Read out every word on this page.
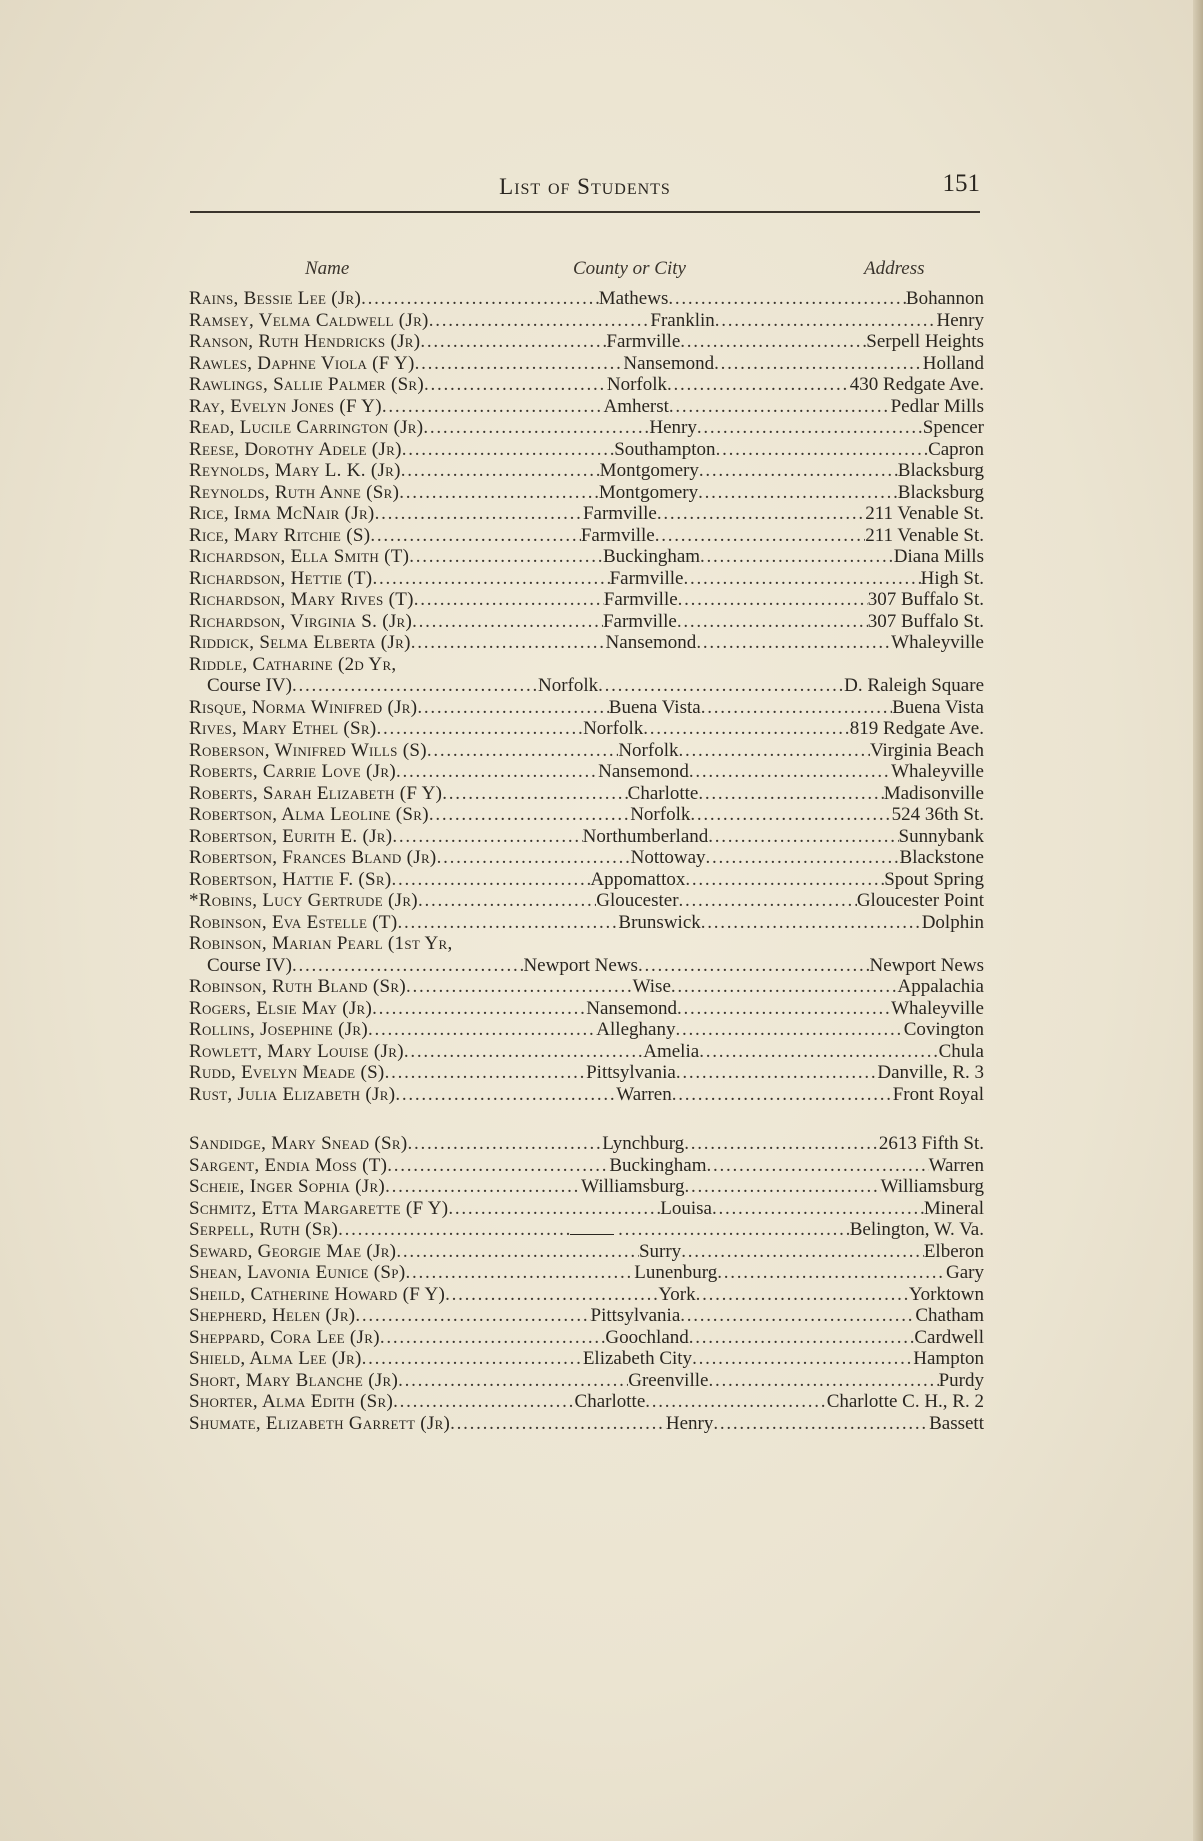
List of Students	151
Name	County or City	Address
Rains, Bessie Lee (Jr) . . .	Mathews . . .	Bohannon
Ramsey, Velma Caldwell (Jr) . . .	Franklin . . .	Henry
Ranson, Ruth Hendricks (Jr) . . .	Farmville . . .	Serpell Heights
Rawles, Daphne Viola (F Y) . . .	Nansemond . . .	Holland
Rawlings, Sallie Palmer (Sr) . . .	Norfolk . . .	430 Redgate Ave.
Ray, Evelyn Jones (F Y) . . .	Amherst . . .	Pedlar Mills
Read, Lucile Carrington (Jr) . . .	Henry . . .	Spencer
Reese, Dorothy Adele (Jr) . . .	Southampton . . .	Capron
Reynolds, Mary L. K. (Jr) . . .	Montgomery . . .	Blacksburg
Reynolds, Ruth Anne (Sr) . . .	Montgomery . . .	Blacksburg
Rice, Irma McNair (Jr) . . .	Farmville . . .	211 Venable St.
Rice, Mary Ritchie (S) . . .	Farmville . . .	211 Venable St.
Richardson, Ella Smith (T) . . .	Buckingham . . .	Diana Mills
Richardson, Hettie (T) . . .	Farmville . . .	High St.
Richardson, Mary Rives (T) . . .	Farmville . . .	307 Buffalo St.
Richardson, Virginia S. (Jr) . . .	Farmville . . .	307 Buffalo St.
Riddick, Selma Elberta (Jr) . . .	Nansemond . . .	Whaleyville
Riddle, Catharine (2d Yr,
Course IV) . . .	Norfolk . . .	D. Raleigh Square
Risque, Norma Winifred (Jr) . . .	Buena Vista . . .	Buena Vista
Rives, Mary Ethel (Sr) . . .	Norfolk . . .	819 Redgate Ave.
Roberson, Winifred Wills (S) . . .	Norfolk . . .	Virginia Beach
Roberts, Carrie Love (Jr) . . .	Nansemond . . .	Whaleyville
Roberts, Sarah Elizabeth (F Y) . . .	Charlotte . . .	Madisonville
Robertson, Alma Leoline (Sr) . . .	Norfolk . . .	524 36th St.
Robertson, Eurith E. (Jr) . . .	Northumberland . . .	Sunnybank
Robertson, Frances Bland (Jr) . . .	Nottoway . . .	Blackstone
Robertson, Hattie F. (Sr) . . .	Appomattox . . .	Spout Spring
*Robins, Lucy Gertrude (Jr) . . .	Gloucester . . .	Gloucester Point
Robinson, Eva Estelle (T) . . .	Brunswick . . .	Dolphin
Robinson, Marian Pearl (1st Yr,
Course IV) . . .	Newport News . . .	Newport News
Robinson, Ruth Bland (Sr) . . .	Wise . . .	Appalachia
Rogers, Elsie May (Jr) . . .	Nansemond . . .	Whaleyville
Rollins, Josephine (Jr) . . .	Alleghany . . .	Covington
Rowlett, Mary Louise (Jr) . . .	Amelia . . .	Chula
Rudd, Evelyn Meade (S) . . .	Pittsylvania . . .	Danville, R. 3
Rust, Julia Elizabeth (Jr) . . .	Warren . . .	Front Royal
Sandidge, Mary Snead (Sr) . . .	Lynchburg . . .	2613 Fifth St.
Sargent, Endia Moss (T) . . .	Buckingham . . .	Warren
Scheie, Inger Sophia (Jr) . . .	Williamsburg . . .	Williamsburg
Schmitz, Etta Margarette (F Y) . . .	Louisa . . .	Mineral
Serpell, Ruth (Sr) . . . . . .	Belington, W. Va.
Seward, Georgie Mae (Jr) . . .	Surry . . .	Elberon
Shean, Lavonia Eunice (Sp) . . .	Lunenburg . . .	Gary
Sheild, Catherine Howard (F Y) . . .	York . . .	Yorktown
Shepherd, Helen (Jr) . . .	Pittsylvania . . .	Chatham
Sheppard, Cora Lee (Jr) . . .	Goochland . . .	Cardwell
Shield, Alma Lee (Jr) . . .	Elizabeth City . . .	Hampton
Short, Mary Blanche (Jr) . . .	Greenville . . .	Purdy
Shorter, Alma Edith (Sr) . . .	Charlotte . . .	Charlotte C. H., R. 2
Shumate, Elizabeth Garrett (Jr) . . .	Henry . . .	Bassett
